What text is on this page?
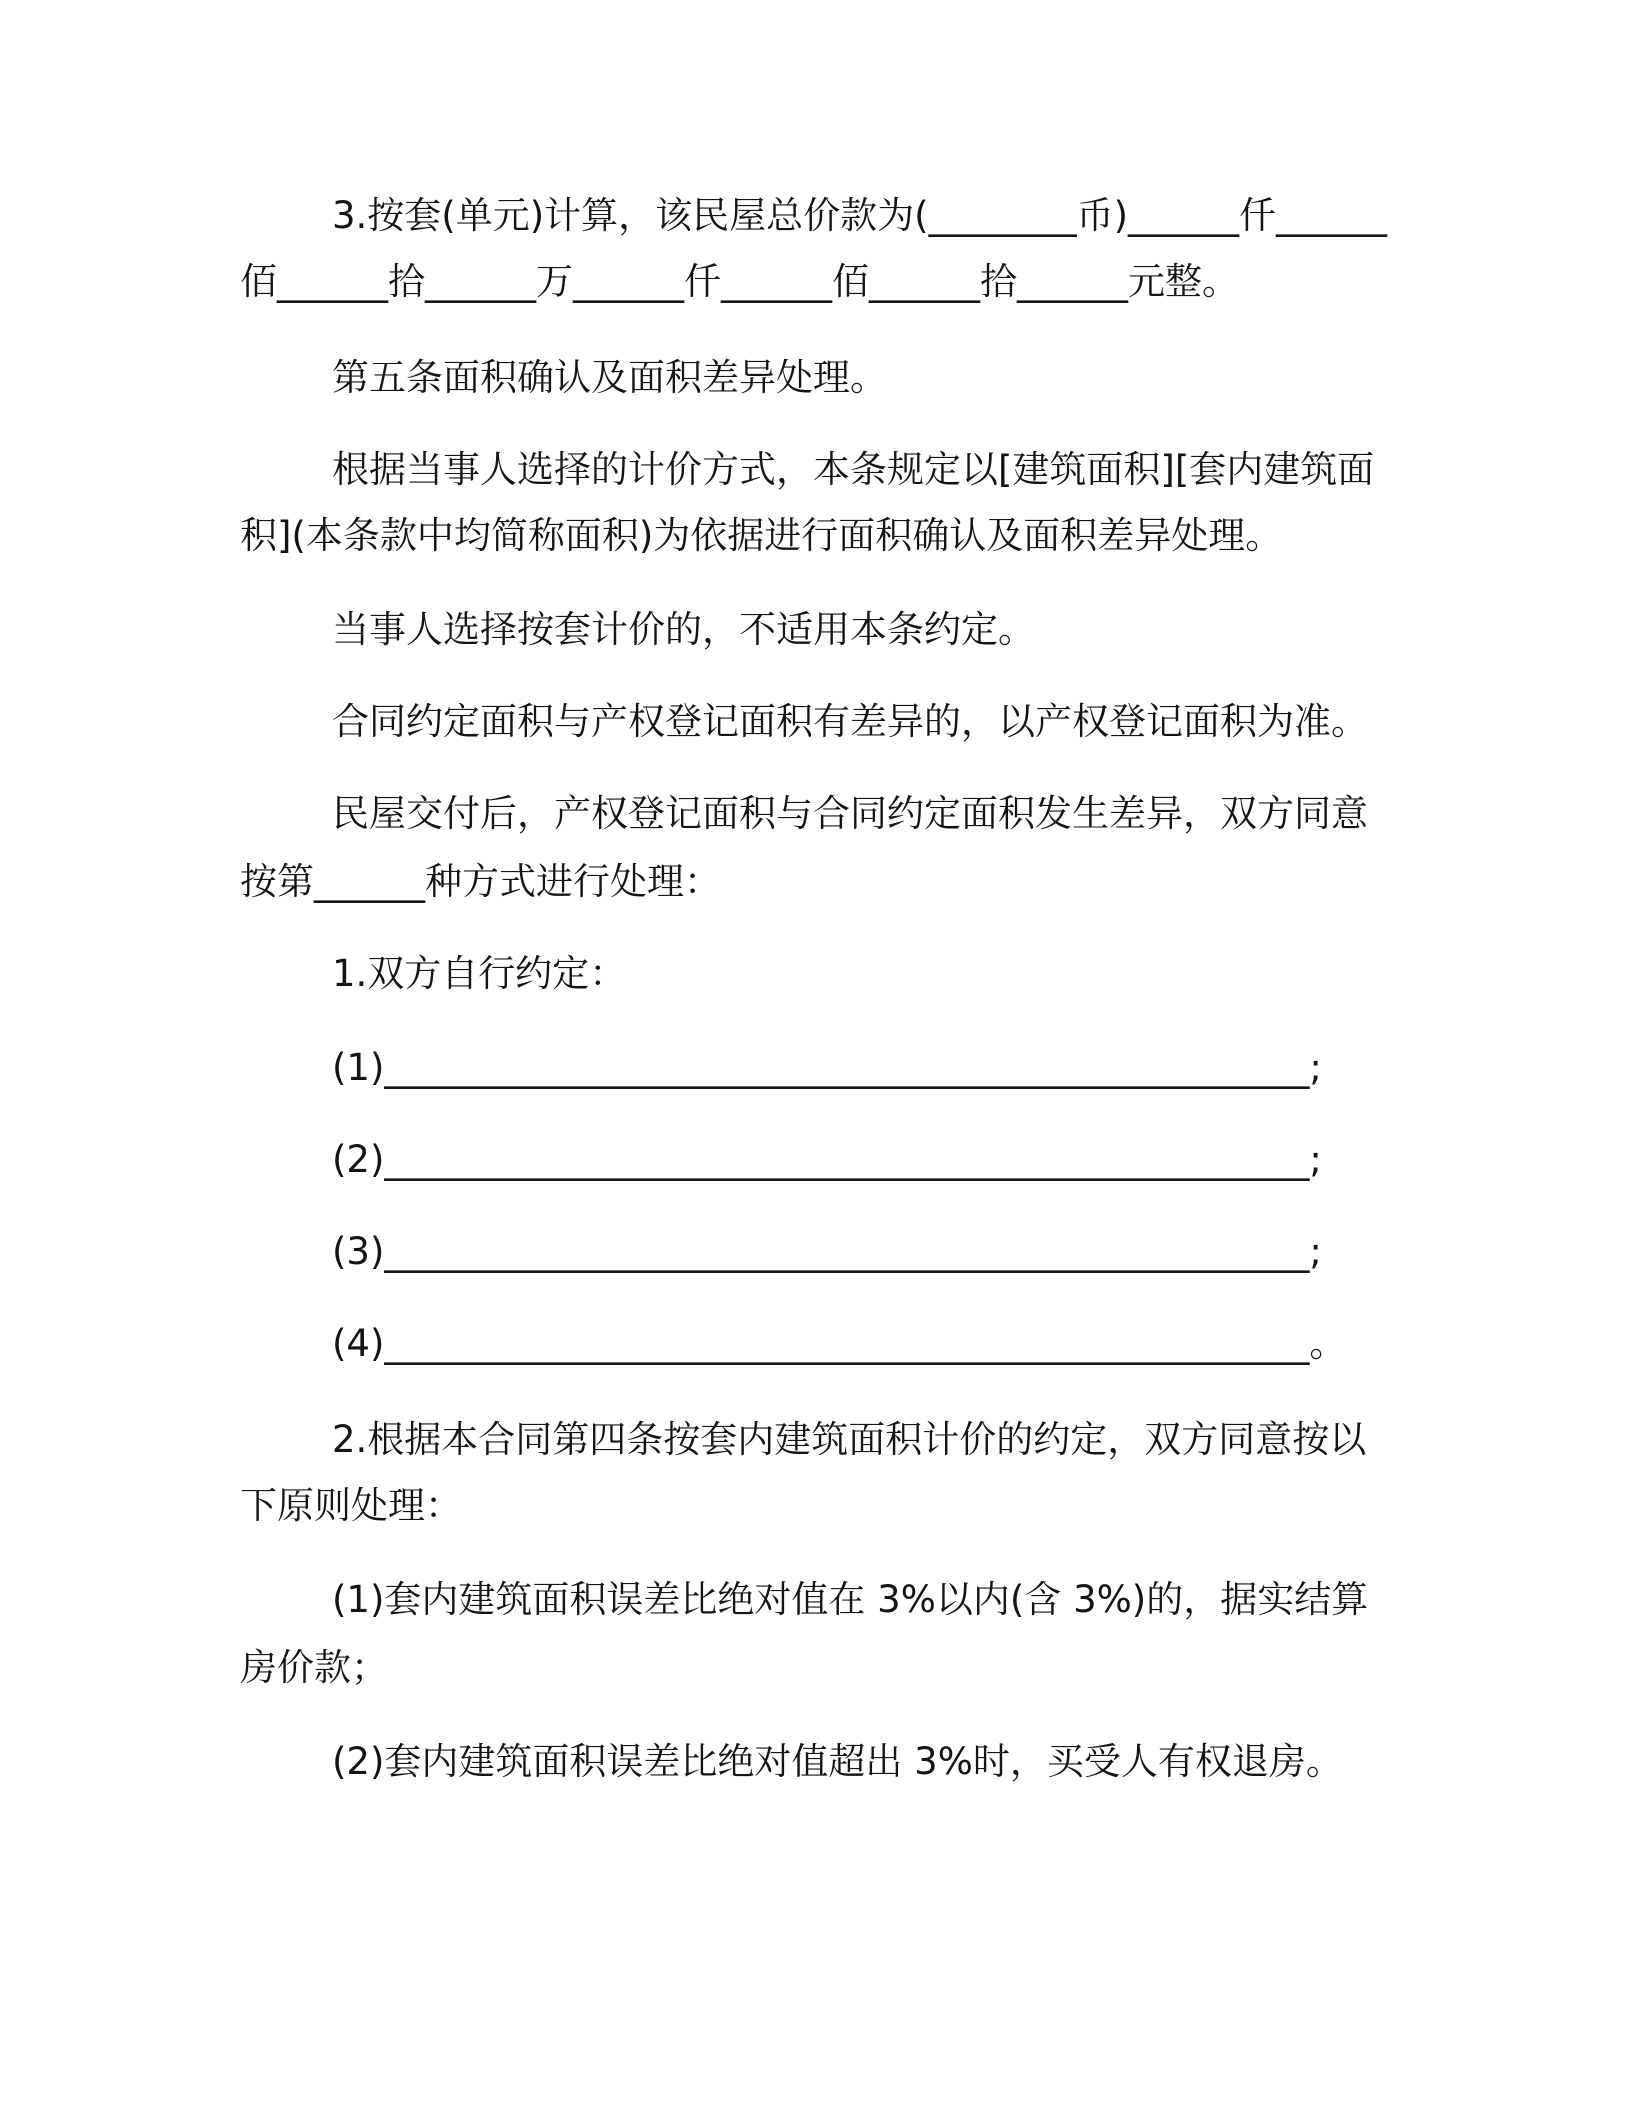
3.按套(单元)计算，该民屋总价款为(________币)______仟______
佰______拾______万______仟______佰______拾______元整。
第五条面积确认及面积差异处理。
根据当事人选择的计价方式，本条规定以[建筑面积][套内建筑面
积](本条款中均简称面积)为依据进行面积确认及面积差异处理。
当事人选择按套计价的，不适用本条约定。
合同约定面积与产权登记面积有差异的，以产权登记面积为准。
民屋交付后，产权登记面积与合同约定面积发生差异，双方同意
按第______种方式进行处理：
1.双方自行约定：
(1)__________________________________________________;
(2)__________________________________________________;
(3)__________________________________________________;
(4)__________________________________________________。
2.根据本合同第四条按套内建筑面积计价的约定，双方同意按以
下原则处理：
(1)套内建筑面积误差比绝对值在 3%以内(含 3%)的，据实结算
房价款；
(2)套内建筑面积误差比绝对值超出 3%时，买受人有权退房。
